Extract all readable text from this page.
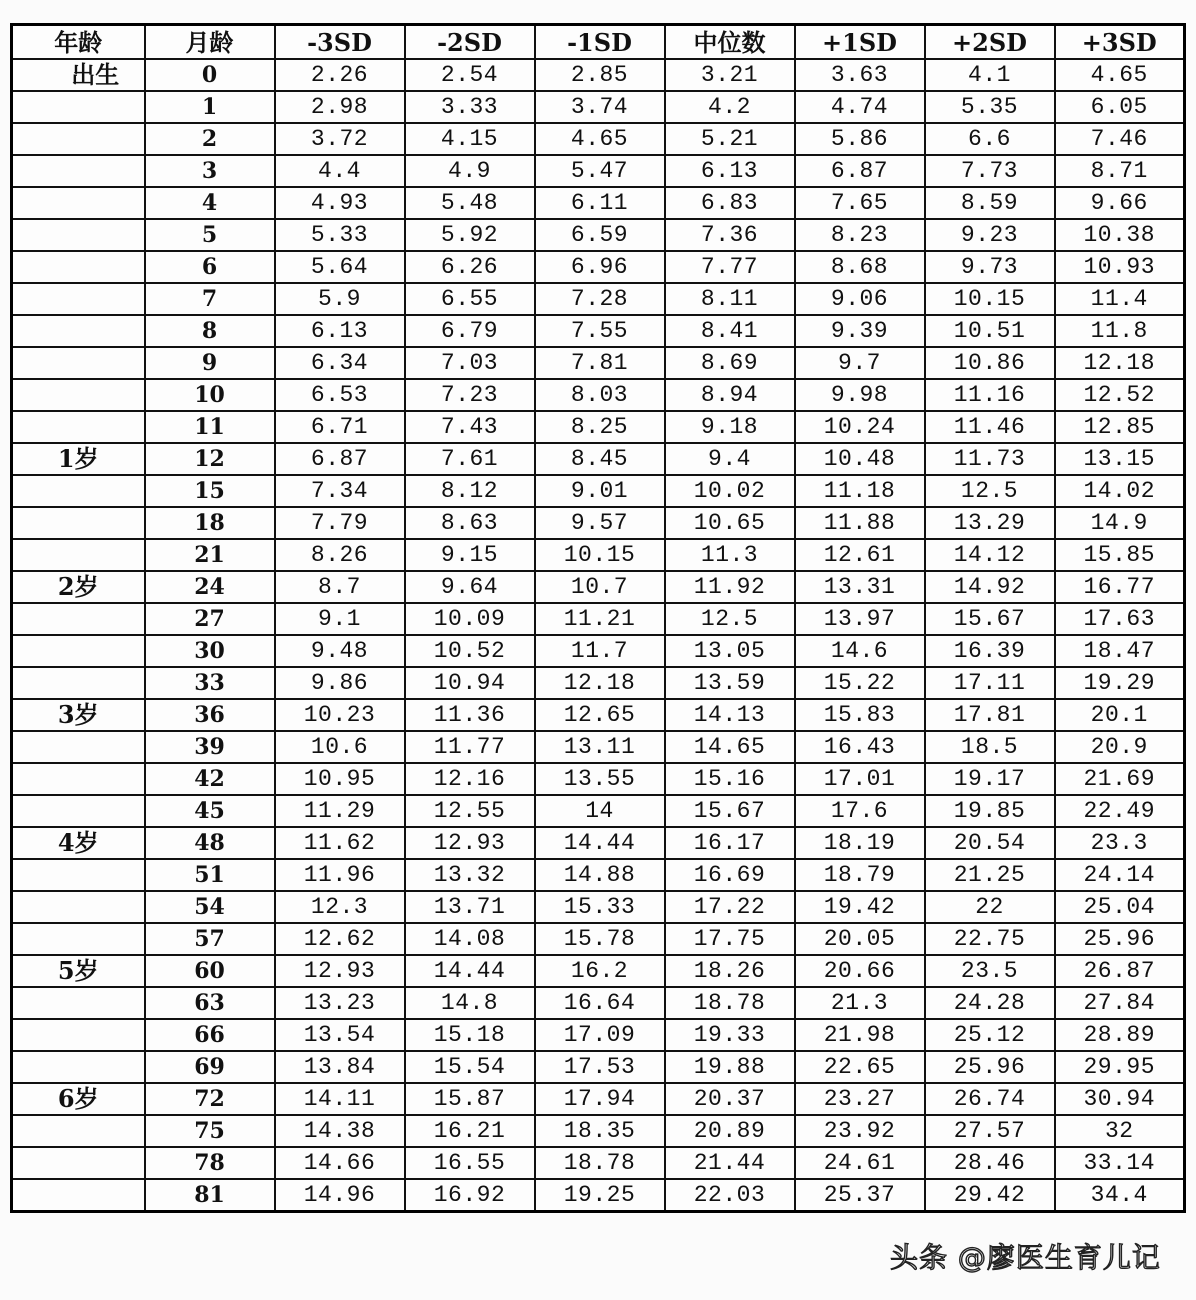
年龄	月龄	-3SD	-2SD	-1SD	中位数	+1SD	+2SD	+3SD
出生	0	2.26	2.54	2.85	3.21	3.63	4.1	4.65
	1	2.98	3.33	3.74	4.2	4.74	5.35	6.05
	2	3.72	4.15	4.65	5.21	5.86	6.6	7.46
	3	4.4	4.9	5.47	6.13	6.87	7.73	8.71
	4	4.93	5.48	6.11	6.83	7.65	8.59	9.66
	5	5.33	5.92	6.59	7.36	8.23	9.23	10.38
	6	5.64	6.26	6.96	7.77	8.68	9.73	10.93
	7	5.9	6.55	7.28	8.11	9.06	10.15	11.4
	8	6.13	6.79	7.55	8.41	9.39	10.51	11.8
	9	6.34	7.03	7.81	8.69	9.7	10.86	12.18
	10	6.53	7.23	8.03	8.94	9.98	11.16	12.52
	11	6.71	7.43	8.25	9.18	10.24	11.46	12.85
1岁	12	6.87	7.61	8.45	9.4	10.48	11.73	13.15
	15	7.34	8.12	9.01	10.02	11.18	12.5	14.02
	18	7.79	8.63	9.57	10.65	11.88	13.29	14.9
	21	8.26	9.15	10.15	11.3	12.61	14.12	15.85
2岁	24	8.7	9.64	10.7	11.92	13.31	14.92	16.77
	27	9.1	10.09	11.21	12.5	13.97	15.67	17.63
	30	9.48	10.52	11.7	13.05	14.6	16.39	18.47
	33	9.86	10.94	12.18	13.59	15.22	17.11	19.29
3岁	36	10.23	11.36	12.65	14.13	15.83	17.81	20.1
	39	10.6	11.77	13.11	14.65	16.43	18.5	20.9
	42	10.95	12.16	13.55	15.16	17.01	19.17	21.69
	45	11.29	12.55	14	15.67	17.6	19.85	22.49
4岁	48	11.62	12.93	14.44	16.17	18.19	20.54	23.3
	51	11.96	13.32	14.88	16.69	18.79	21.25	24.14
	54	12.3	13.71	15.33	17.22	19.42	22	25.04
	57	12.62	14.08	15.78	17.75	20.05	22.75	25.96
5岁	60	12.93	14.44	16.2	18.26	20.66	23.5	26.87
	63	13.23	14.8	16.64	18.78	21.3	24.28	27.84
	66	13.54	15.18	17.09	19.33	21.98	25.12	28.89
	69	13.84	15.54	17.53	19.88	22.65	25.96	29.95
6岁	72	14.11	15.87	17.94	20.37	23.27	26.74	30.94
	75	14.38	16.21	18.35	20.89	23.92	27.57	32
	78	14.66	16.55	18.78	21.44	24.61	28.46	33.14
	81	14.96	16.92	19.25	22.03	25.37	29.42	34.4
头条 @廖医生育儿记
